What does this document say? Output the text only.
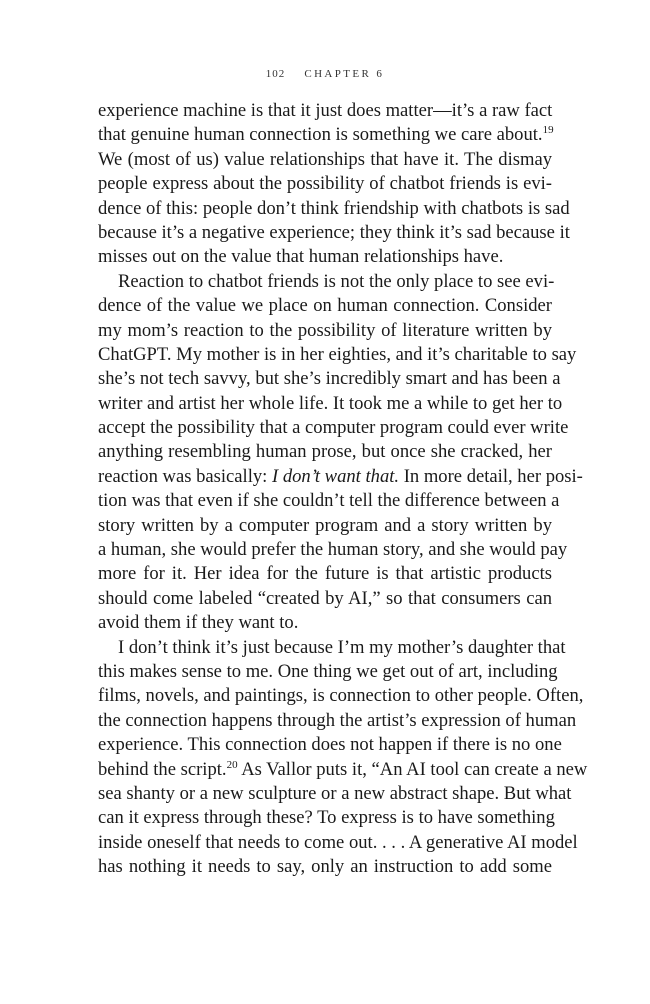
102 CHAPTER 6
experience machine is that it just does matter—it’s a raw fact
that genuine human connection is something we care about.$^{19}$
We (most of us) value relationships that have it. The dismay
people express about the possibility of chatbot friends is evi-
dence of this: people don’t think friendship with chatbots is sad
because it’s a negative experience; they think it’s sad because it
misses out on the value that human relationships have.
Reaction to chatbot friends is not the only place to see evi-
dence of the value we place on human connection. Consider
my mom’s reaction to the possibility of literature written by
ChatGPT. My mother is in her eighties, and it’s charitable to say
she’s not tech savvy, but she’s incredibly smart and has been a
writer and artist her whole life. It took me a while to get her to
accept the possibility that a computer program could ever write
anything resembling human prose, but once she cracked, her
reaction was basically: I don’t want that. In more detail, her posi-
tion was that even if she couldn’t tell the difference between a
story written by a computer program and a story written by
a human, she would prefer the human story, and she would pay
more for it. Her idea for the future is that artistic products
should come labeled “created by AI,” so that consumers can
avoid them if they want to.
I don’t think it’s just because I’m my mother’s daughter that
this makes sense to me. One thing we get out of art, including
films, novels, and paintings, is connection to other people. Often,
the connection happens through the artist’s expression of human
experience. This connection does not happen if there is no one
behind the script.$^{20}$ As Vallor puts it, “An AI tool can create a new
sea shanty or a new sculpture or a new abstract shape. But what
can it express through these? To express is to have something
inside oneself that needs to come out. . . . A generative AI model
has nothing it needs to say, only an instruction to add some
